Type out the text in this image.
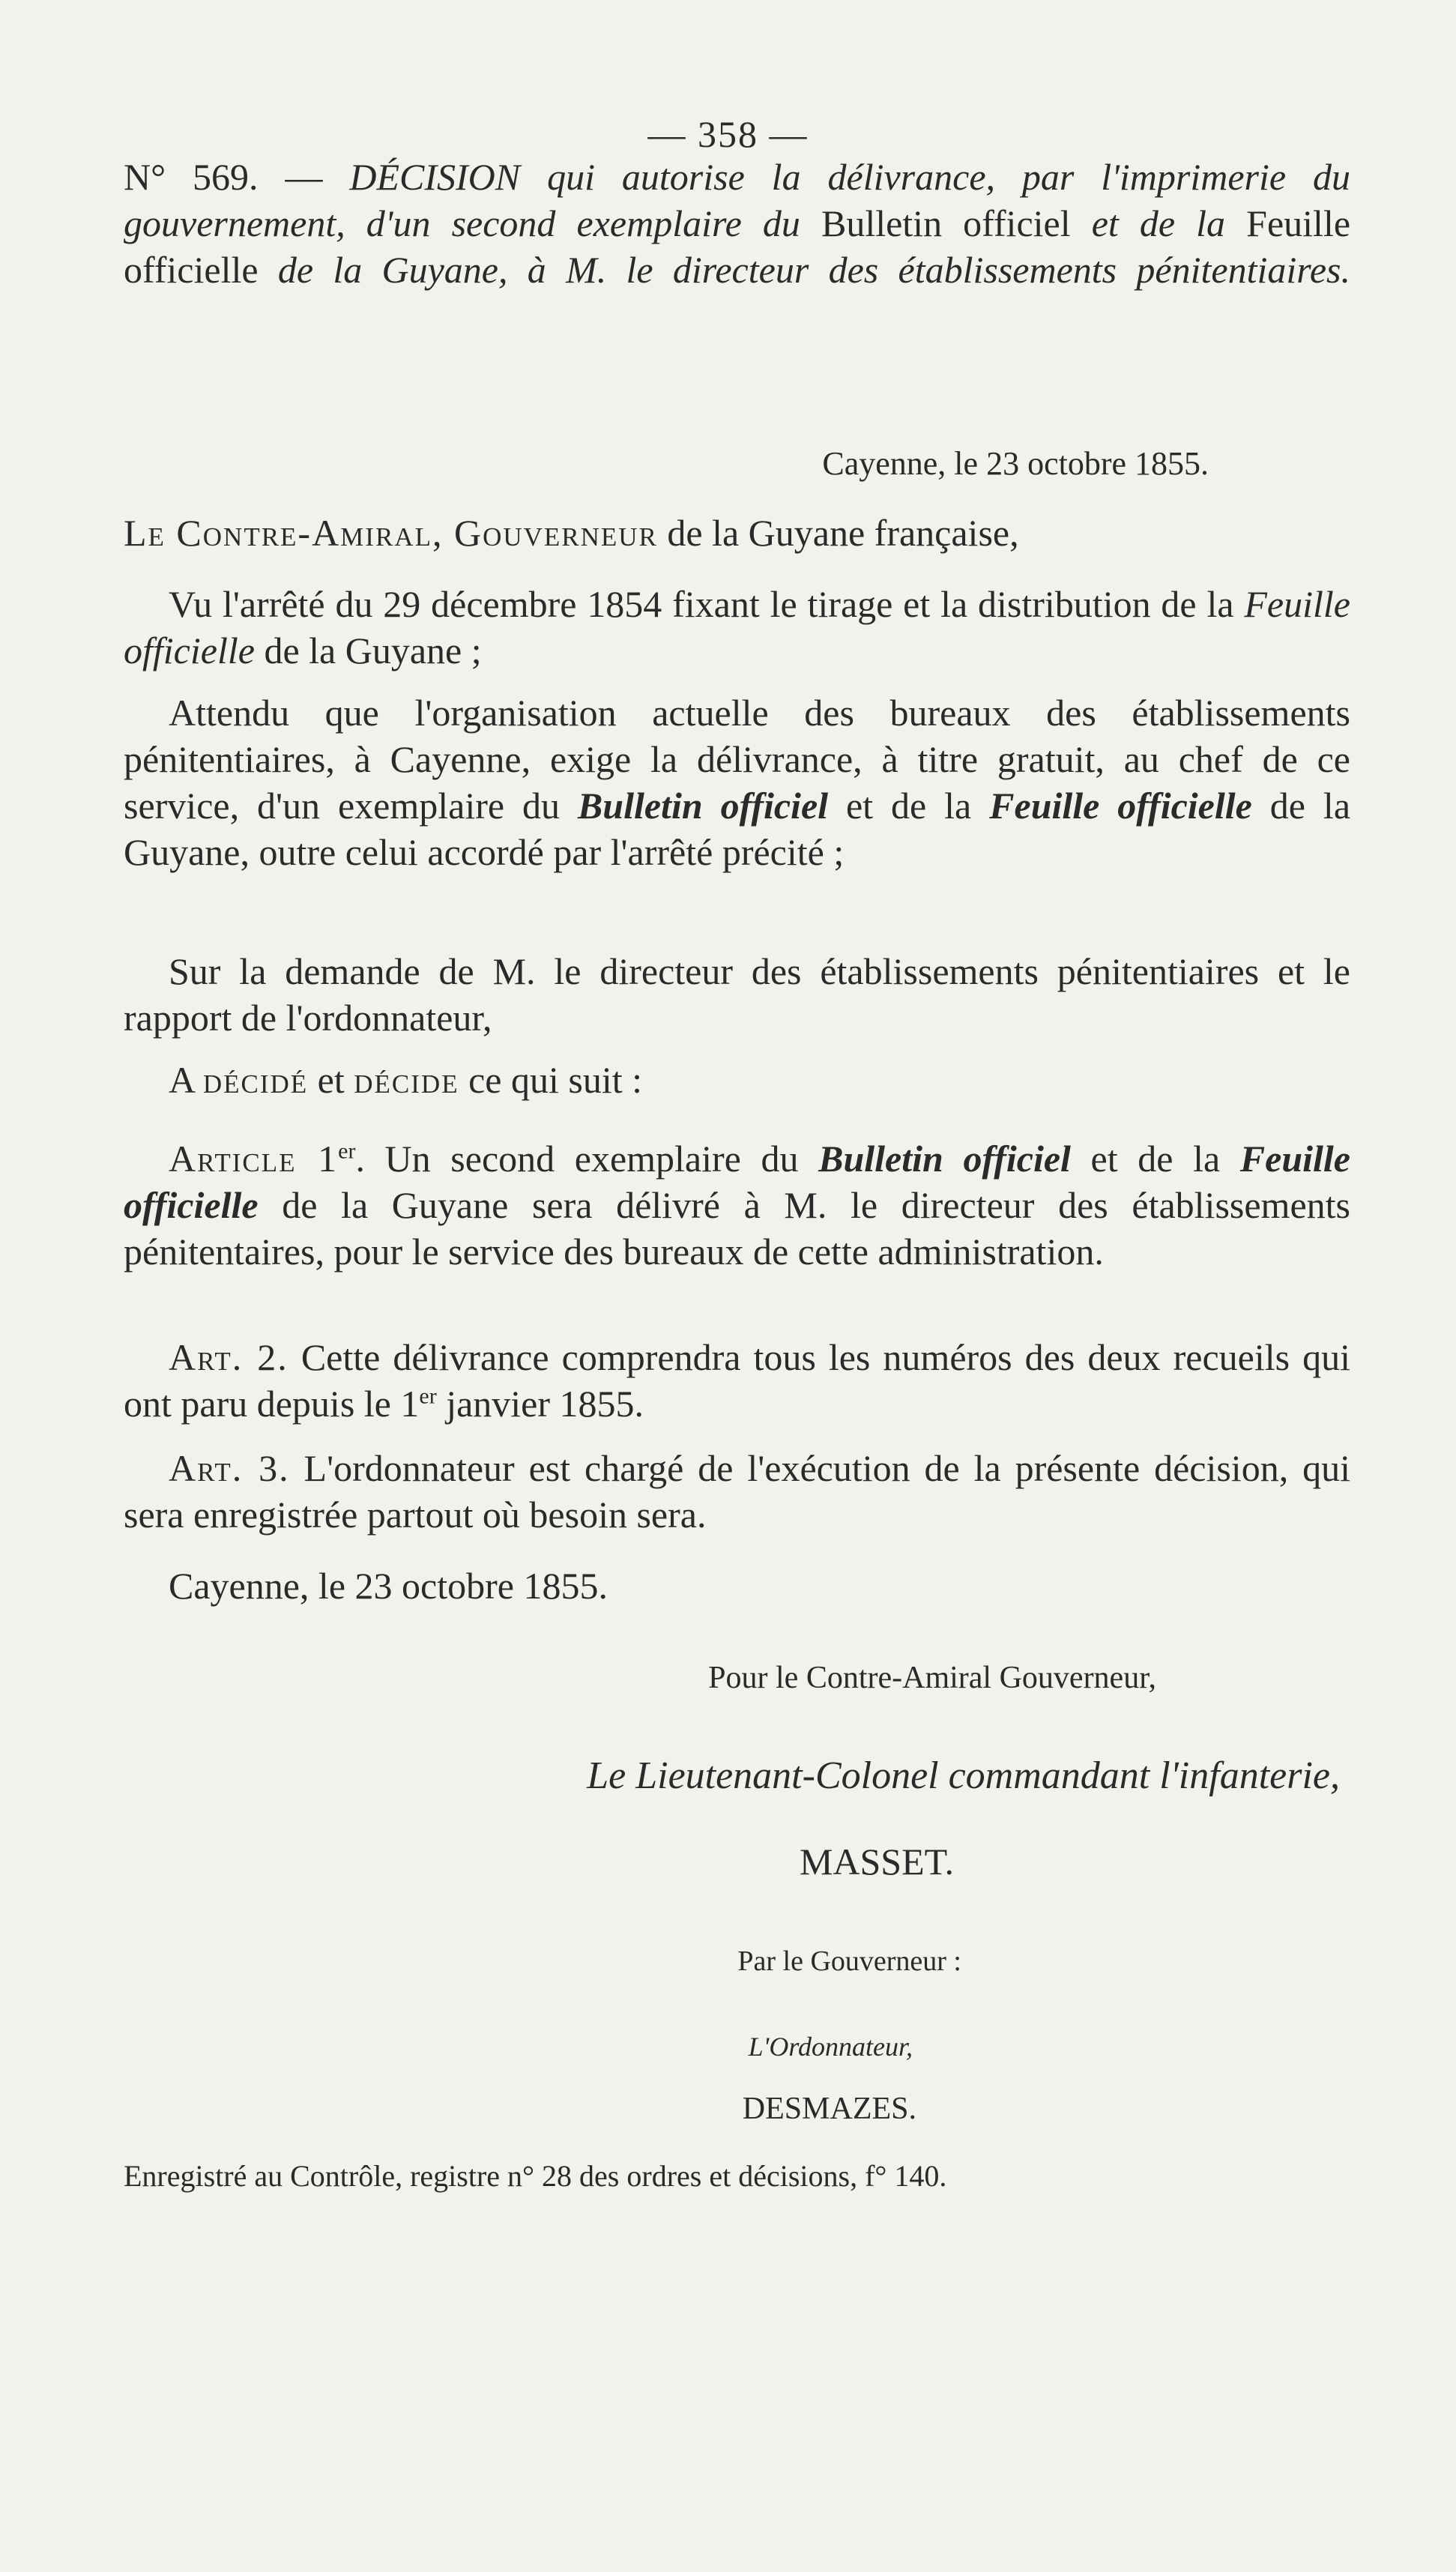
— 358 —
N° 569. — DÉCISION qui autorise la délivrance, par l'imprimerie du gouvernement, d'un second exemplaire du Bulletin officiel et de la Feuille officielle de la Guyane, à M. le directeur des établissements pénitentiaires.
Cayenne, le 23 octobre 1855.
Le Contre-Amiral, Gouverneur de la Guyane française,
Vu l'arrêté du 29 décembre 1854 fixant le tirage et la distribution de la Feuille officielle de la Guyane ;
Attendu que l'organisation actuelle des bureaux des établissements pénitentiaires, à Cayenne, exige la délivrance, à titre gratuit, au chef de ce service, d'un exemplaire du Bulletin officiel et de la Feuille officielle de la Guyane, outre celui accordé par l'arrêté précité ;
Sur la demande de M. le directeur des établissements pénitentiaires et le rapport de l'ordonnateur,
A décidé et décide ce qui suit :
Article 1er. Un second exemplaire du Bulletin officiel et de la Feuille officielle de la Guyane sera délivré à M. le directeur des établissements pénitentaires, pour le service des bureaux de cette administration.
Art. 2. Cette délivrance comprendra tous les numéros des deux recueils qui ont paru depuis le 1er janvier 1855.
Art. 3. L'ordonnateur est chargé de l'exécution de la présente décision, qui sera enregistrée partout où besoin sera.
Cayenne, le 23 octobre 1855.
Pour le Contre-Amiral Gouverneur,
Le Lieutenant-Colonel commandant l'infanterie,
MASSET.
Par le Gouverneur :
L'Ordonnateur,
DESMAZES.
Enregistré au Contrôle, registre n° 28 des ordres et décisions, f° 140.
